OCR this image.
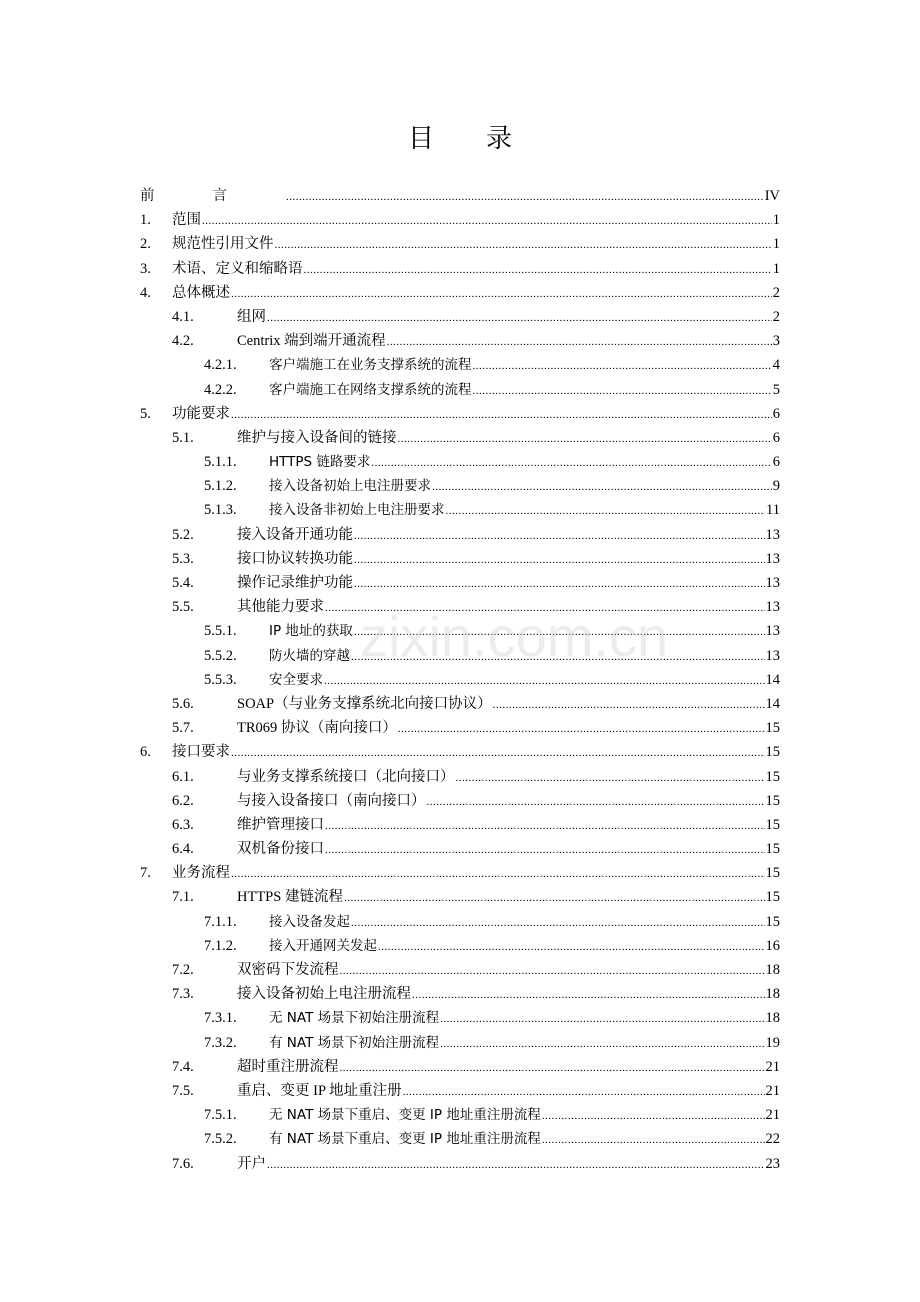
目 录
前言 .....	IV
1. 范围 .....	1
2. 规范性引用文件 .....	1
3. 术语、定义和缩略语 .....	1
4. 总体概述 .....	2
4.1.	组网 .....	2
4.2.	Centrix 端到端开通流程 .....	3
4.2.1. 客户端施工在业务支撑系统的流程 .....	4
4.2.2. 客户端施工在网络支撑系统的流程 .....	5
5. 功能要求 .....	6
5.1.	维护与接入设备间的链接 .....	6
5.1.1. HTTPS 链路要求 .....	6
5.1.2. 接入设备初始上电注册要求 .....	9
5.1.3. 接入设备非初始上电注册要求 .....	11
5.2.	接入设备开通功能 .....	13
5.3.	接口协议转换功能 .....	13
5.4.	操作记录维护功能 .....	13
5.5.	其他能力要求 .....	13
5.5.1. IP 地址的获取 .....	13
5.5.2. 防火墙的穿越 .....	13
5.5.3. 安全要求 .....	14
5.6.	SOAP（与业务支撑系统北向接口协议） .....	14
5.7.	TR069 协议（南向接口） .....	15
6. 接口要求 .....	15
6.1.	与业务支撑系统接口（北向接口） .....	15
6.2.	与接入设备接口（南向接口） .....	15
6.3.	维护管理接口 .....	15
6.4.	双机备份接口 .....	15
7. 业务流程 .....	15
7.1.	HTTPS 建链流程 .....	15
7.1.1. 接入设备发起 .....	15
7.1.2. 接入开通网关发起 .....	16
7.2.	双密码下发流程 .....	18
7.3.	接入设备初始上电注册流程 .....	18
7.3.1. 无 NAT 场景下初始注册流程 .....	18
7.3.2. 有 NAT 场景下初始注册流程 .....	19
7.4.	超时重注册流程 .....	21
7.5.	重启、变更 IP 地址重注册 .....	21
7.5.1. 无 NAT 场景下重启、变更 IP 地址重注册流程 .....	21
7.5.2. 有 NAT 场景下重启、变更 IP 地址重注册流程 .....	22
7.6.	开户 .....	23
zixin.com.cn
